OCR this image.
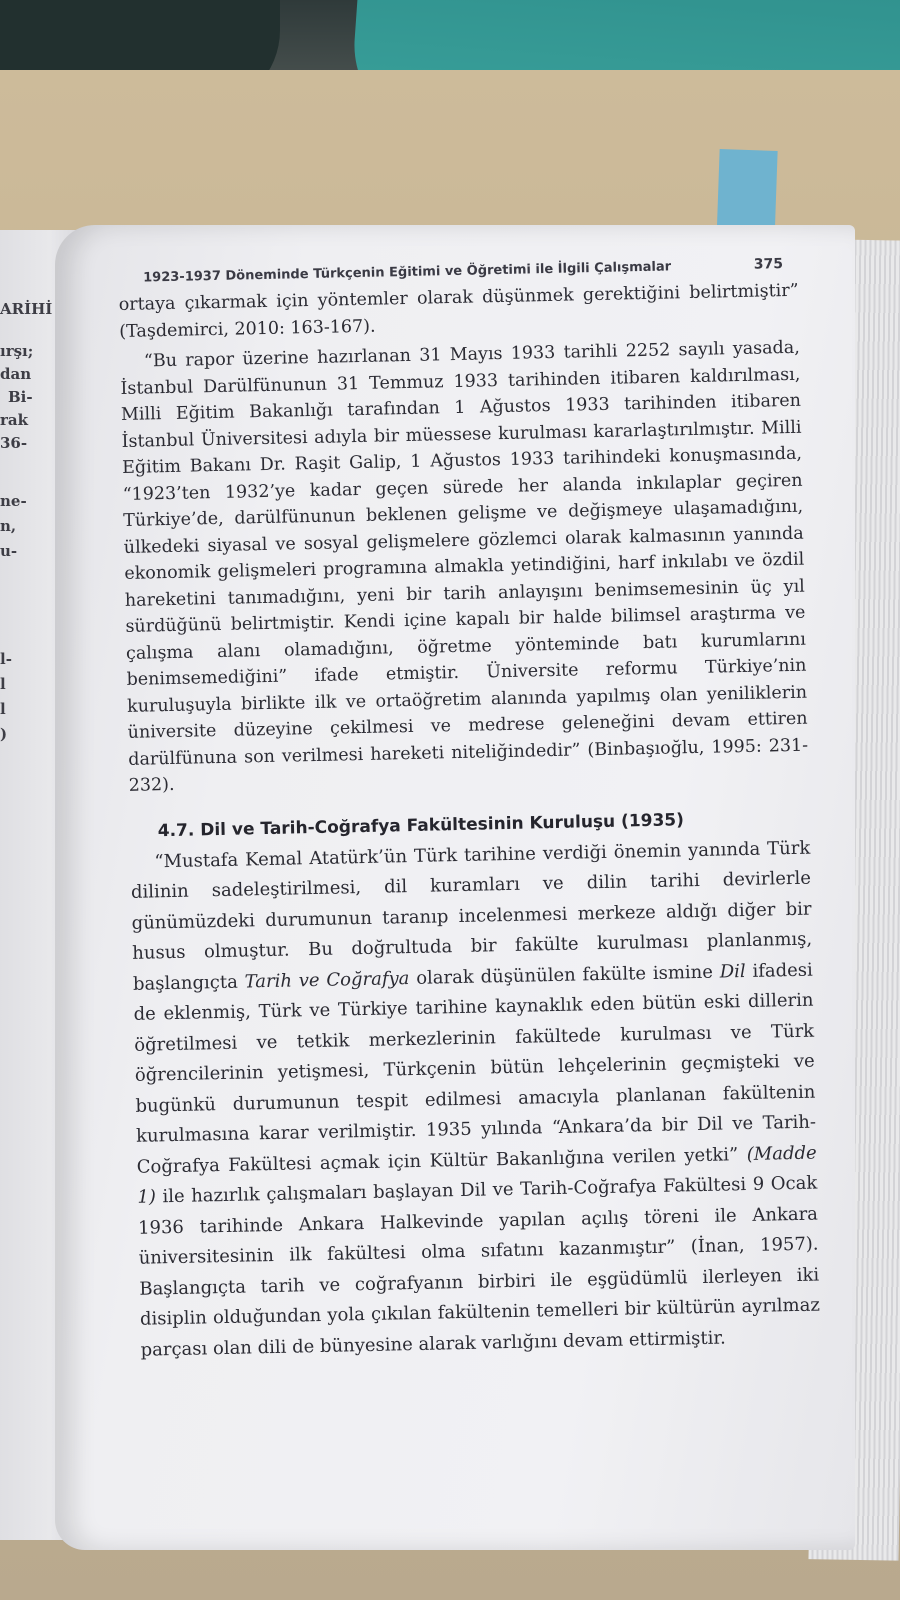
ARİHİ
ırşı;
dan
Bi-
rak
36-
ne-
n,
u-
l-
l
l
)
1923-1937 Döneminde Türkçenin Eğitimi ve Öğretimi ile İlgili Çalışmalar	375

ortaya çıkarmak için yöntemler olarak düşünmek gerektiğini belirtmiştir” (Taşdemirci, 2010: 163-167).

“Bu rapor üzerine hazırlanan 31 Mayıs 1933 tarihli 2252 sayılı yasada, İstanbul Darülfünunun 31 Temmuz 1933 tarihinden itibaren kaldırılması, Milli Eğitim Bakanlığı tarafından 1 Ağustos 1933 tarihinden itibaren İstanbul Üniversitesi adıyla bir müessese kurulması kararlaştırılmıştır. Milli Eğitim Bakanı Dr. Raşit Galip, 1 Ağustos 1933 tarihindeki konuşmasında, “1923’ten 1932’ye kadar geçen sürede her alanda inkılaplar geçiren Türkiye’de, darülfünunun beklenen gelişme ve değişmeye ulaşamadığını, ülkedeki siyasal ve sosyal gelişmelere gözlemci olarak kalmasının yanında ekonomik gelişmeleri programına almakla yetindiğini, harf inkılabı ve özdil hareketini tanımadığını, yeni bir tarih anlayışını benimsemesinin üç yıl sürdüğünü belirtmiştir. Kendi içine kapalı bir halde bilimsel araştırma ve çalışma alanı olamadığını, öğretme yönteminde batı kurumlarını benimsemediğini” ifade etmiştir. Üniversite reformu Türkiye’nin kuruluşuyla birlikte ilk ve ortaöğretim alanında yapılmış olan yeniliklerin üniversite düzeyine çekilmesi ve medrese geleneğini devam ettiren darülfünuna son verilmesi hareketi niteliğindedir” (Binbaşıoğlu, 1995: 231-232).

4.7. Dil ve Tarih-Coğrafya Fakültesinin Kuruluşu (1935)

“Mustafa Kemal Atatürk’ün Türk tarihine verdiği önemin yanında Türk dilinin sadeleştirilmesi, dil kuramları ve dilin tarihi devirlerle günümüzdeki durumunun taranıp incelenmesi merkeze aldığı diğer bir husus olmuştur. Bu doğrultuda bir fakülte kurulması planlanmış, başlangıçta Tarih ve Coğrafya olarak düşünülen fakülte ismine Dil ifadesi de eklenmiş, Türk ve Türkiye tarihine kaynaklık eden bütün eski dillerin öğretilmesi ve tetkik merkezlerinin fakültede kurulması ve Türk öğrencilerinin yetişmesi, Türkçenin bütün lehçelerinin geçmişteki ve bugünkü durumunun tespit edilmesi amacıyla planlanan fakültenin kurulmasına karar verilmiştir. 1935 yılında “Ankara’da bir Dil ve Tarih-Coğrafya Fakültesi açmak için Kültür Bakanlığına verilen yetki” (Madde 1) ile hazırlık çalışmaları başlayan Dil ve Tarih-Coğrafya Fakültesi 9 Ocak 1936 tarihinde Ankara Halkevinde yapılan açılış töreni ile Ankara üniversitesinin ilk fakültesi olma sıfatını kazanmıştır” (İnan, 1957). Başlangıçta tarih ve coğrafyanın birbiri ile eşgüdümlü ilerleyen iki disiplin olduğundan yola çıkılan fakültenin temelleri bir kültürün ayrılmaz parçası olan dili de bünyesine alarak varlığını devam ettirmiştir.
